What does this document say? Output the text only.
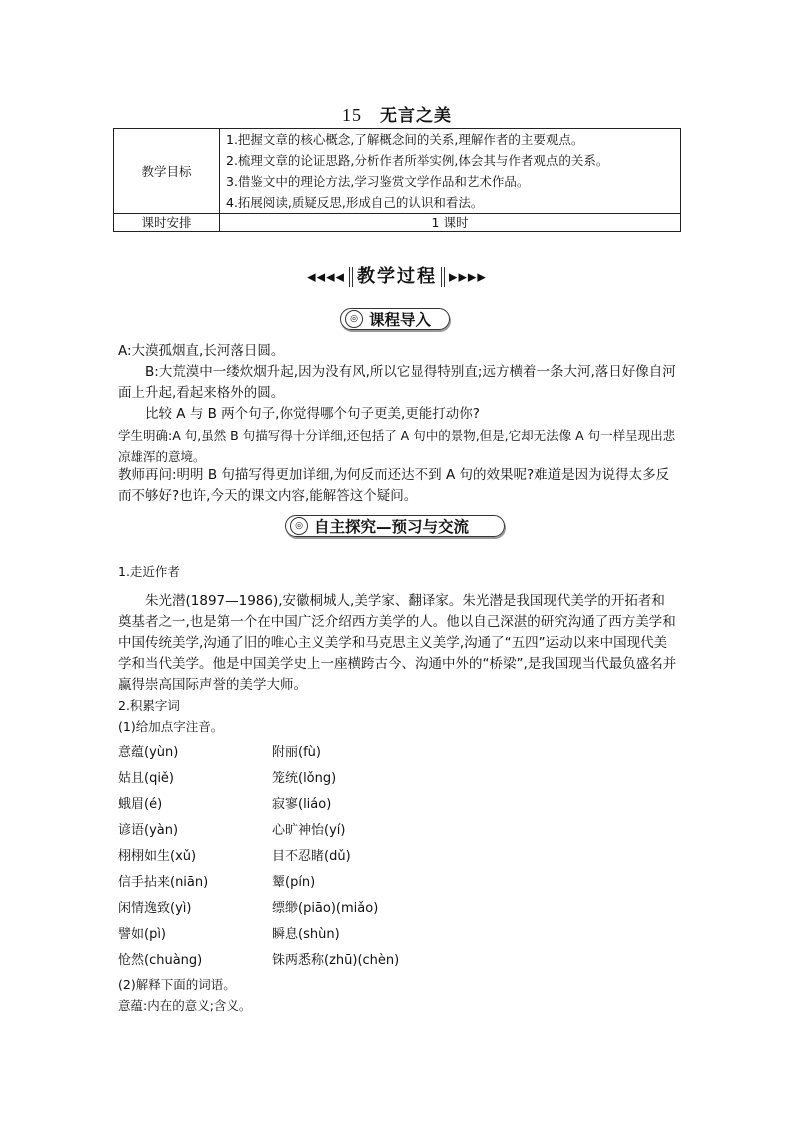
15 无言之美
教学目标	1.把握文章的核心概念,了解概念间的关系,理解作者的主要观点。
2.梳理文章的论证思路,分析作者所举实例,体会其与作者观点的关系。
3.借鉴文中的理论方法,学习鉴赏文学作品和艺术作品。
4.拓展阅读,质疑反思,形成自己的认识和看法。

课时安排	1 课时
◀◀◀◀ 教学过程 ▶▶▶▶
◎ 课程导入
A:大漠孤烟直,长河落日圆。
B:大荒漠中一缕炊烟升起,因为没有风,所以它显得特别直;远方横着一条大河,落日好像自河面上升起,看起来格外的圆。
比较 A 与 B 两个句子,你觉得哪个句子更美,更能打动你?
学生明确:A 句,虽然 B 句描写得十分详细,还包括了 A 句中的景物,但是,它却无法像 A 句一样呈现出悲凉雄浑的意境。
教师再问:明明 B 句描写得更加详细,为何反而还达不到 A 句的效果呢?难道是因为说得太多反而不够好?也许,今天的课文内容,能解答这个疑问。
◎ 自主探究—预习与交流
1.走近作者
朱光潜(1897—1986),安徽桐城人,美学家、翻译家。朱光潜是我国现代美学的开拓者和奠基者之一,也是第一个在中国广泛介绍西方美学的人。他以自己深湛的研究沟通了西方美学和中国传统美学,沟通了旧的唯心主义美学和马克思主义美学,沟通了“五四”运动以来中国现代美学和当代美学。他是中国美学史上一座横跨古今、沟通中外的“桥梁”,是我国现当代最负盛名并赢得崇高国际声誉的美学大师。
2.积累字词
(1)给加点字注音。
意蕴(yùn)	附丽(fù)
姑且(qiě)	笼统(lǒng)
蛾眉(é)	寂寥(liáo)
谚语(yàn)	心旷神怡(yí)
栩栩如生(xǔ)	目不忍睹(dǔ)
信手拈来(niān)	颦(pín)
闲情逸致(yì)	缥缈(piāo)(miǎo)
譬如(pì)	瞬息(shùn)
怆然(chuàng)	铢两悉称(zhū)(chèn)
(2)解释下面的词语。
意蕴:内在的意义;含义。
